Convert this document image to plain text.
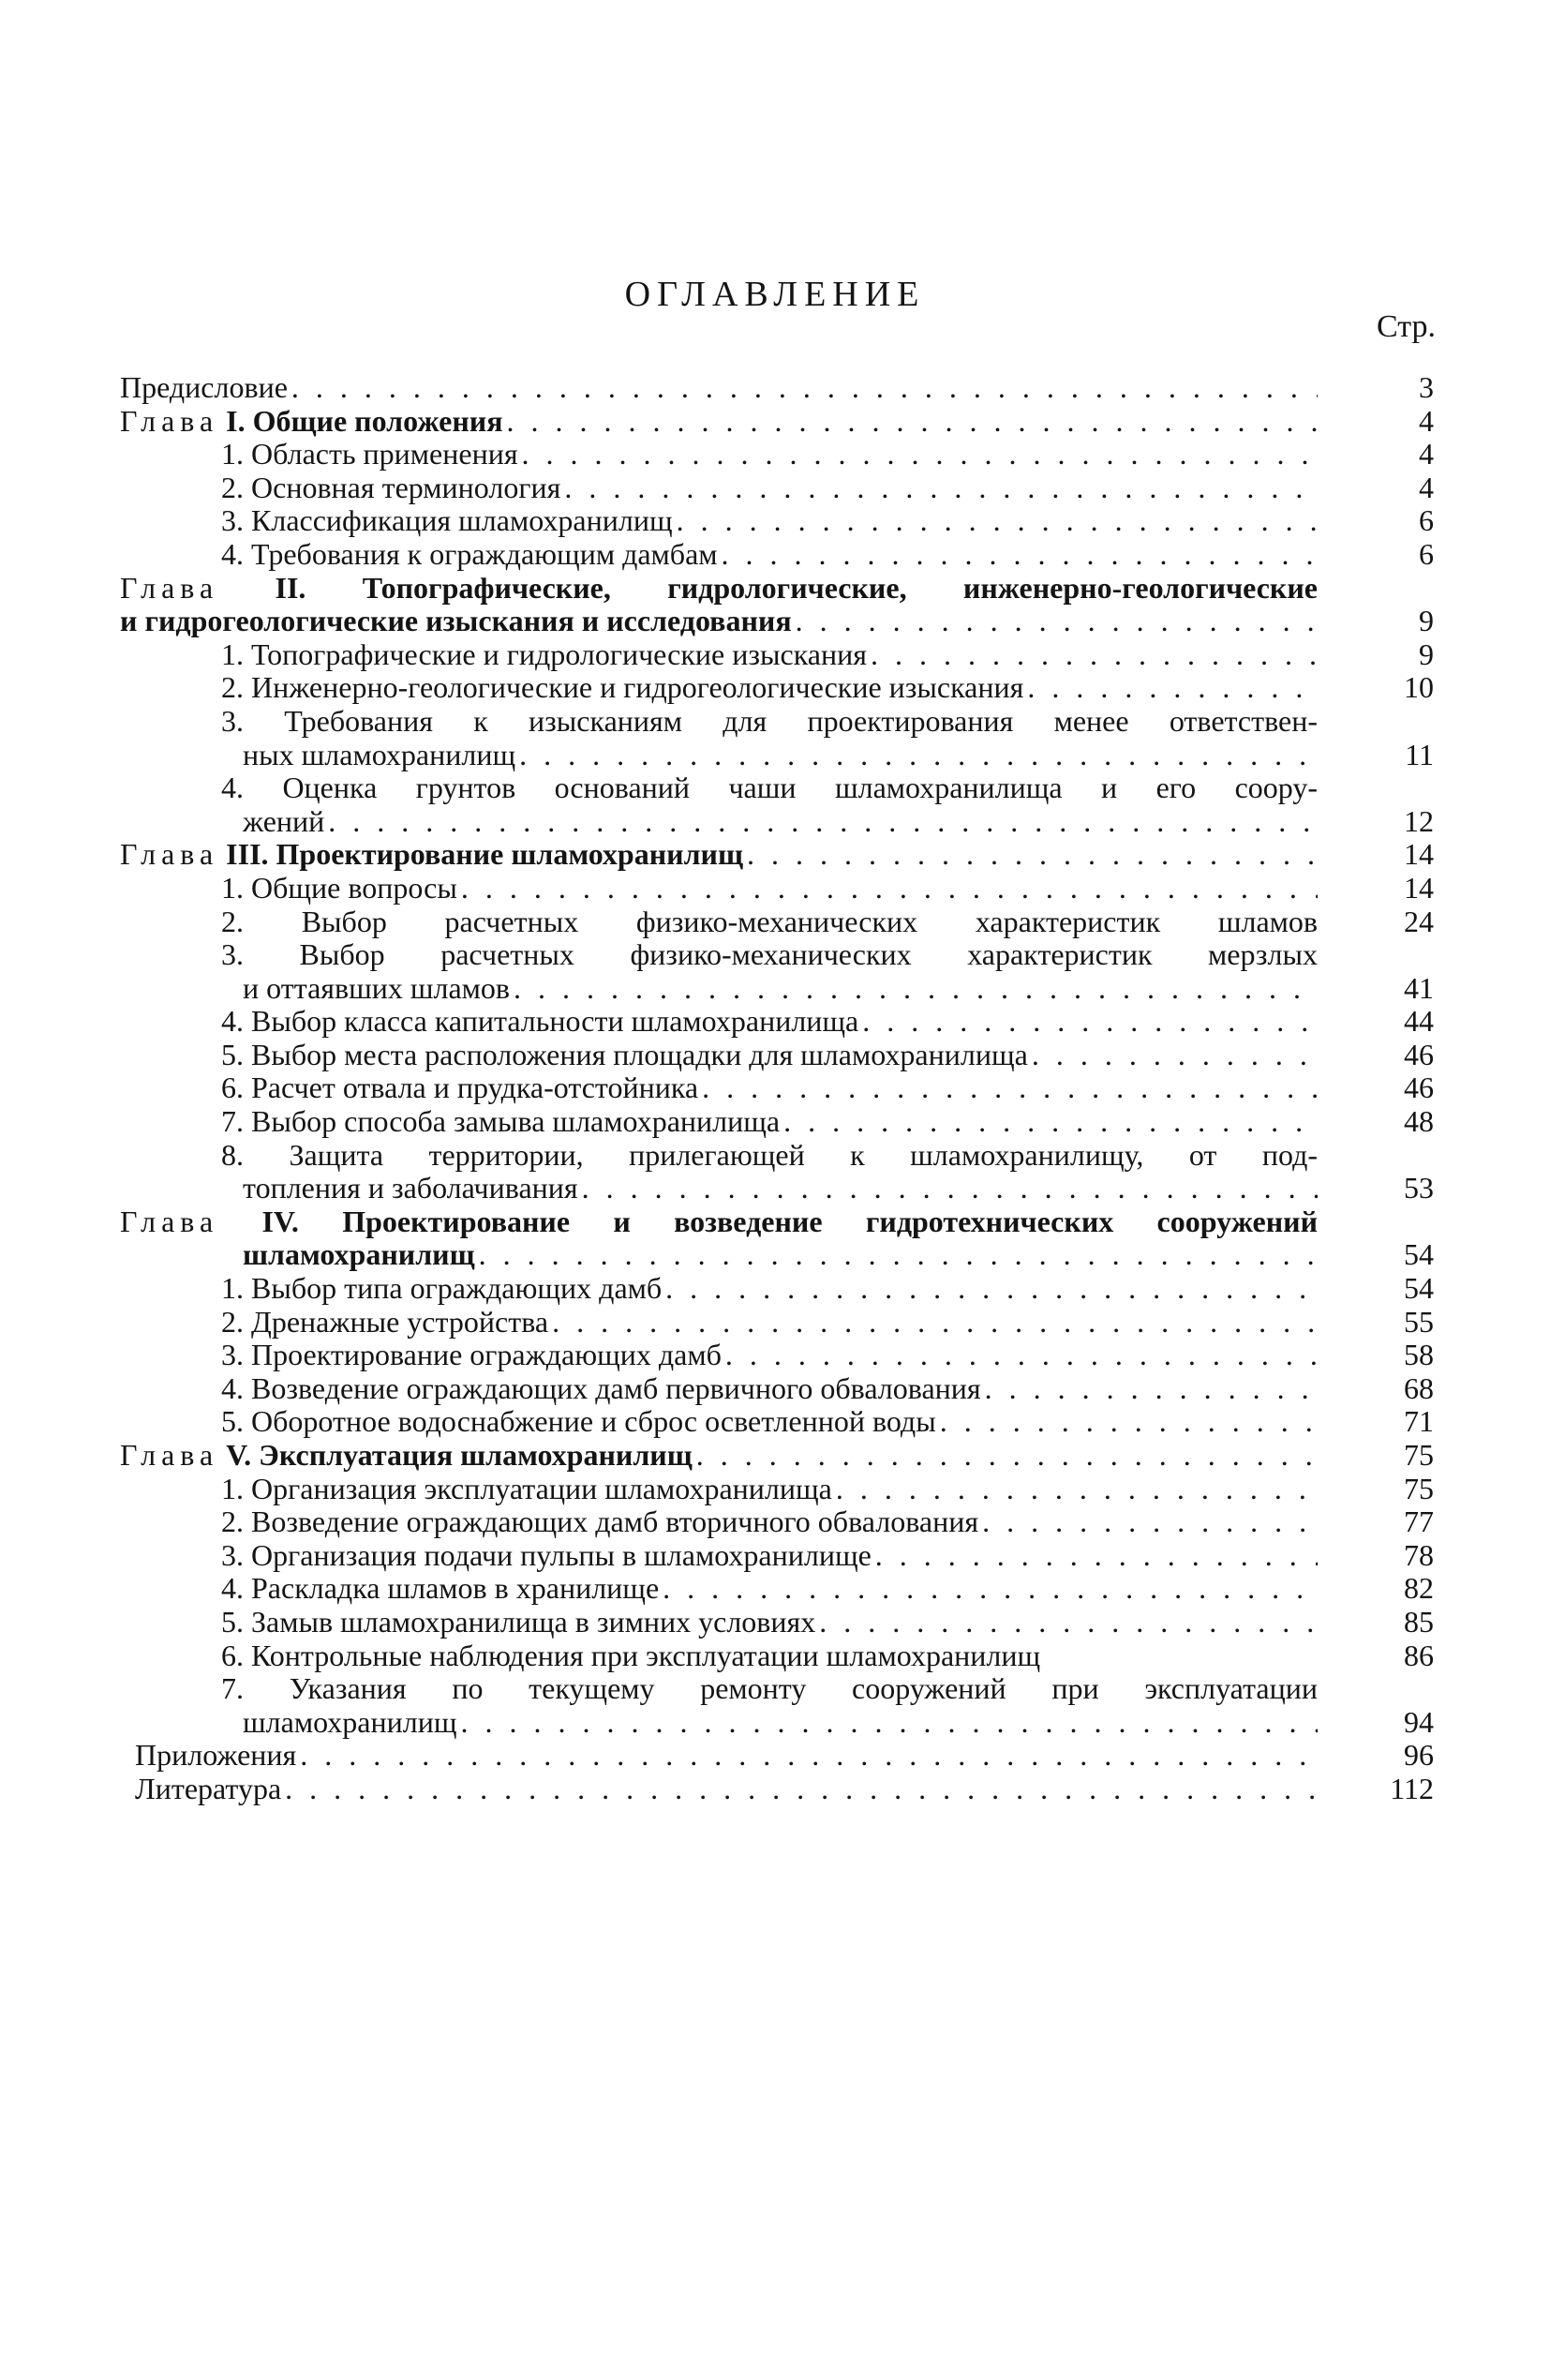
ОГЛАВЛЕНИЕ
Стр.
Предисловие . . .	3
Глава I. Общие положения . . .	4
1. Область применения . . .	4
2. Основная терминология . . .	4
3. Классификация шламохранилищ . . .	6
4. Требования к ограждающим дамбам . . .	6
Глава II. Топографические, гидрологические, инженерно-геологические
и гидрогеологические изыскания и исследования . . .	9
1. Топографические и гидрологические изыскания . . .	9
2. Инженерно-геологические и гидрогеологические изыскания . . .	10
3. Требования к изысканиям для проектирования менее ответствен-
ных шламохранилищ . . .	11
4. Оценка грунтов оснований чаши шламохранилища и его соору-
жений . . .	12
Глава III. Проектирование шламохранилищ . . .	14
1. Общие вопросы . . .	14
2. Выбор расчетных физико-механических характеристик шламов	24
3. Выбор расчетных физико-механических характеристик мерзлых
и оттаявших шламов . . .	41
4. Выбор класса капитальности шламохранилища . . .	44
5. Выбор места расположения площадки для шламохранилища . . .	46
6. Расчет отвала и прудка-отстойника . . .	46
7. Выбор способа замыва шламохранилища . . .	48
8. Защита территории, прилегающей к шламохранилищу, от под-
топления и заболачивания . . .	53
Глава IV. Проектирование и возведение гидротехнических сооружений
шламохранилищ . . .	54
1. Выбор типа ограждающих дамб . . .	54
2. Дренажные устройства . . .	55
3. Проектирование ограждающих дамб . . .	58
4. Возведение ограждающих дамб первичного обвалования . . .	68
5. Оборотное водоснабжение и сброс осветленной воды . . .	71
Глава V. Эксплуатация шламохранилищ . . .	75
1. Организация эксплуатации шламохранилища . . .	75
2. Возведение ограждающих дамб вторичного обвалования . . .	77
3. Организация подачи пульпы в шламохранилище . . .	78
4. Раскладка шламов в хранилище . . .	82
5. Замыв шламохранилища в зимних условиях . . .	85
6. Контрольные наблюдения при эксплуатации шламохранилищ	86
7. Указания по текущему ремонту сооружений при эксплуатации
шламохранилищ . . .	94
Приложения . . .	96
Литература . . .	112
